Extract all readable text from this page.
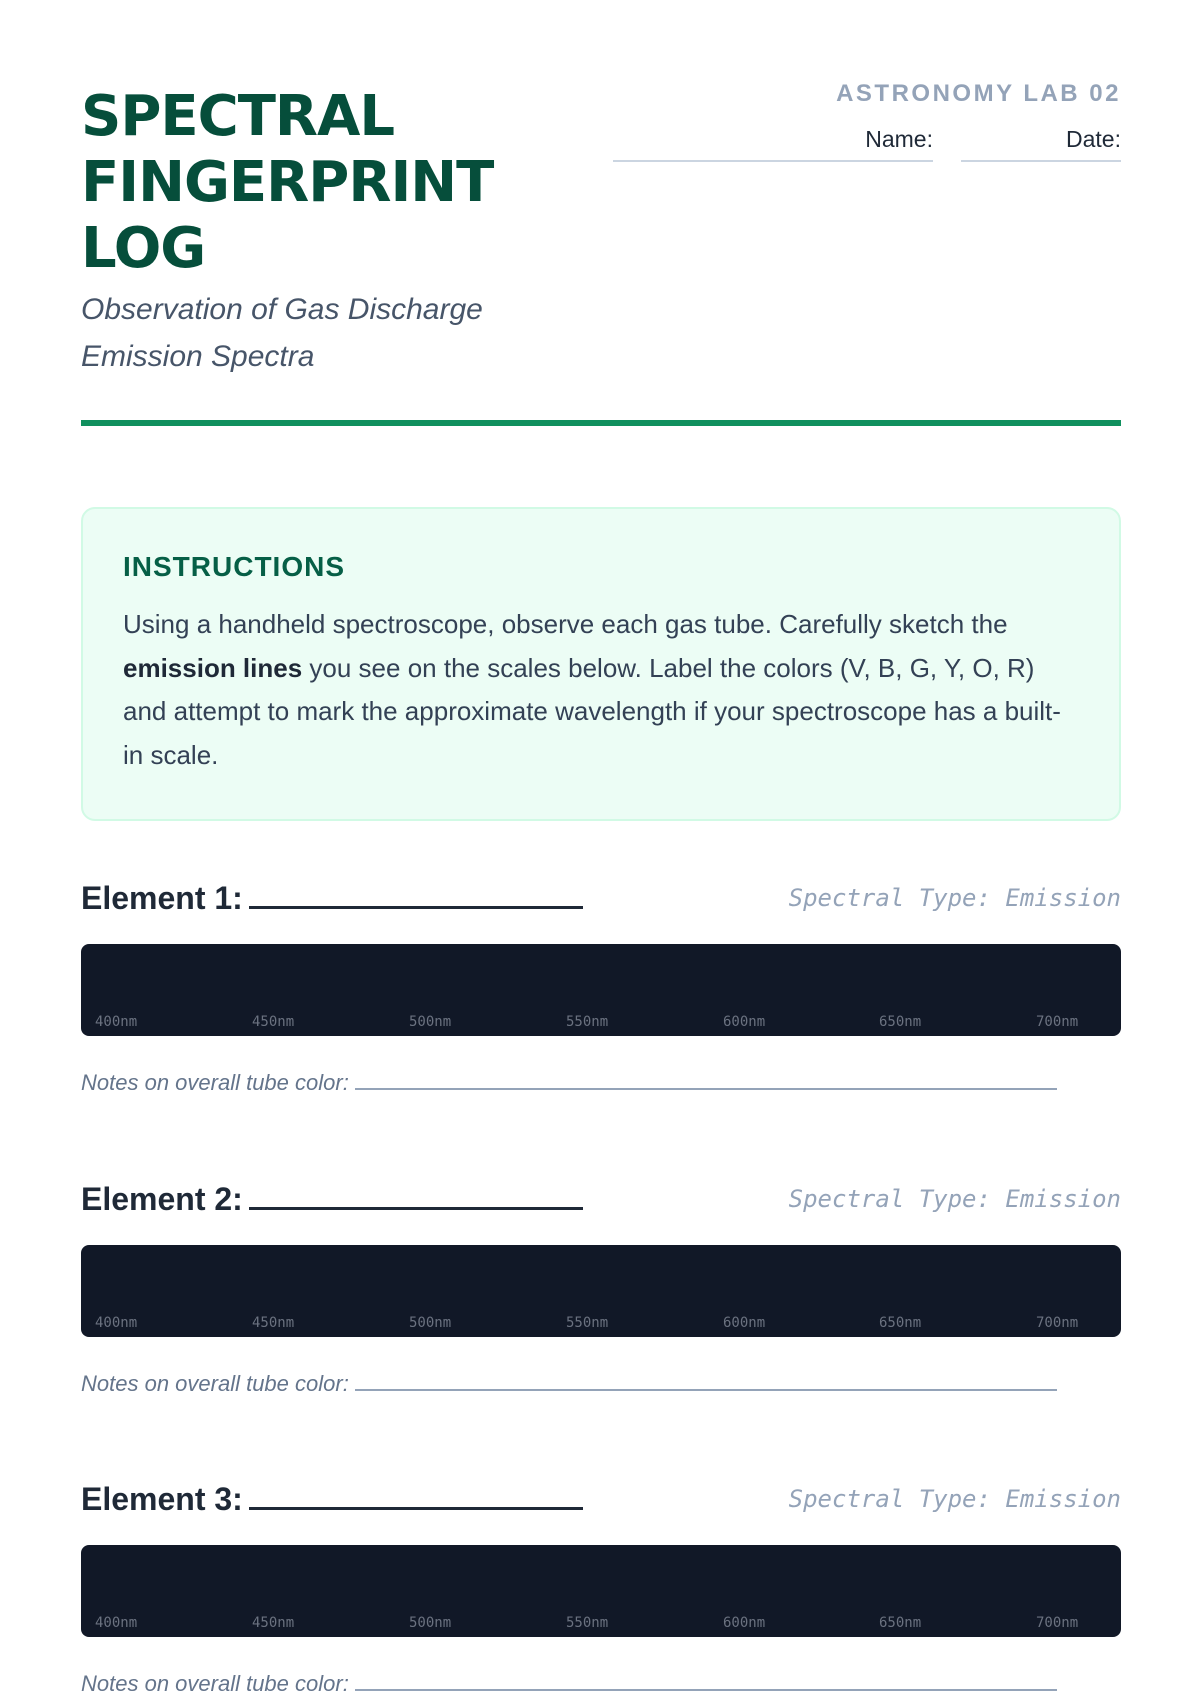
SPECTRAL FINGERPRINT LOG

Observation of Gas Discharge Emission Spectra

ASTRONOMY LAB 02
Name:	Date:
INSTRUCTIONS

Using a handheld spectroscope, observe each gas tube. Carefully sketch the emission lines you see on the scales below. Label the colors (V, B, G, Y, O, R) and attempt to mark the approximate wavelength if your spectroscope has a built-in scale.

Element 1:	Spectral Type: Emission
400nm	450nm	500nm	550nm	600nm	650nm	700nm
Notes on overall tube color:
Element 2:	Spectral Type: Emission
400nm	450nm	500nm	550nm	600nm	650nm	700nm
Notes on overall tube color:
Element 3:	Spectral Type: Emission
400nm	450nm	500nm	550nm	600nm	650nm	700nm
Notes on overall tube color:
